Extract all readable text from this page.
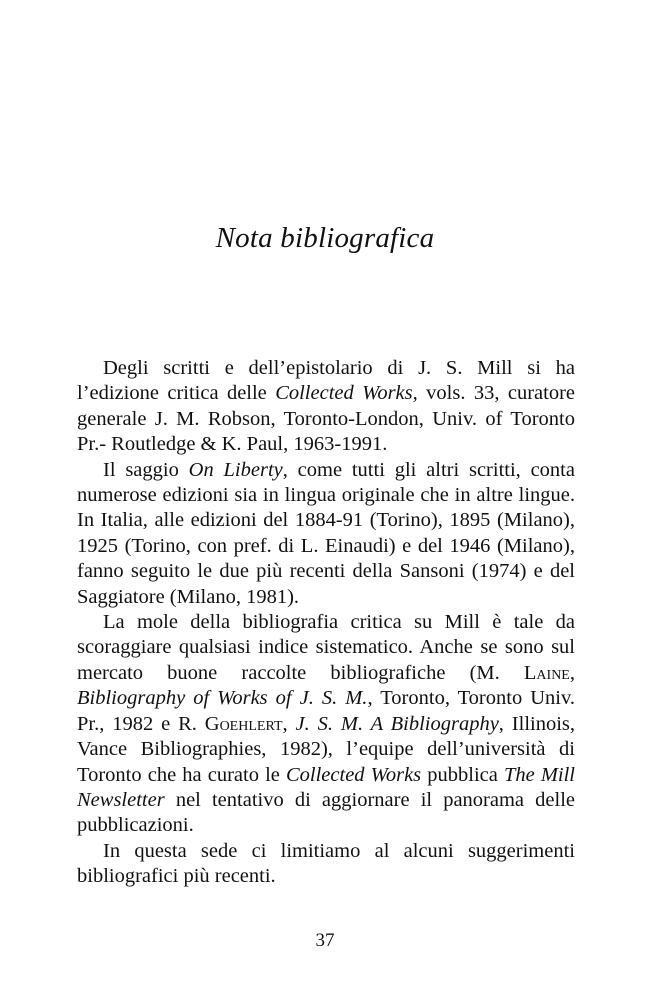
Nota bibliografica

Degli scritti e dell’epistolario di J. S. Mill si ha l’edizione critica delle Collected Works, vols. 33, curatore generale J. M. Robson, Toronto-London, Univ. of Toronto Pr.- Routledge & K. Paul, 1963-1991.

Il saggio On Liberty, come tutti gli altri scritti, conta numerose edizioni sia in lingua originale che in altre lingue. In Italia, alle edizioni del 1884-91 (Torino), 1895 (Milano), 1925 (Torino, con pref. di L. Einaudi) e del 1946 (Milano), fanno seguito le due più recenti della Sansoni (1974) e del Saggiatore (Milano, 1981).

La mole della bibliografia critica su Mill è tale da scoraggiare qualsiasi indice sistematico. Anche se sono sul mercato buone raccolte bibliografiche (M. Laine, Bibliography of Works of J. S. M., Toronto, Toronto Univ. Pr., 1982 e R. Goehlert, J. S. M. A Bibliography, Illinois, Vance Bibliographies, 1982), l’equipe dell’università di Toronto che ha curato le Collected Works pubblica The Mill Newsletter nel tentativo di aggiornare il panorama delle pubblicazioni.

In questa sede ci limitiamo al alcuni suggerimenti bibliografici più recenti.

37
